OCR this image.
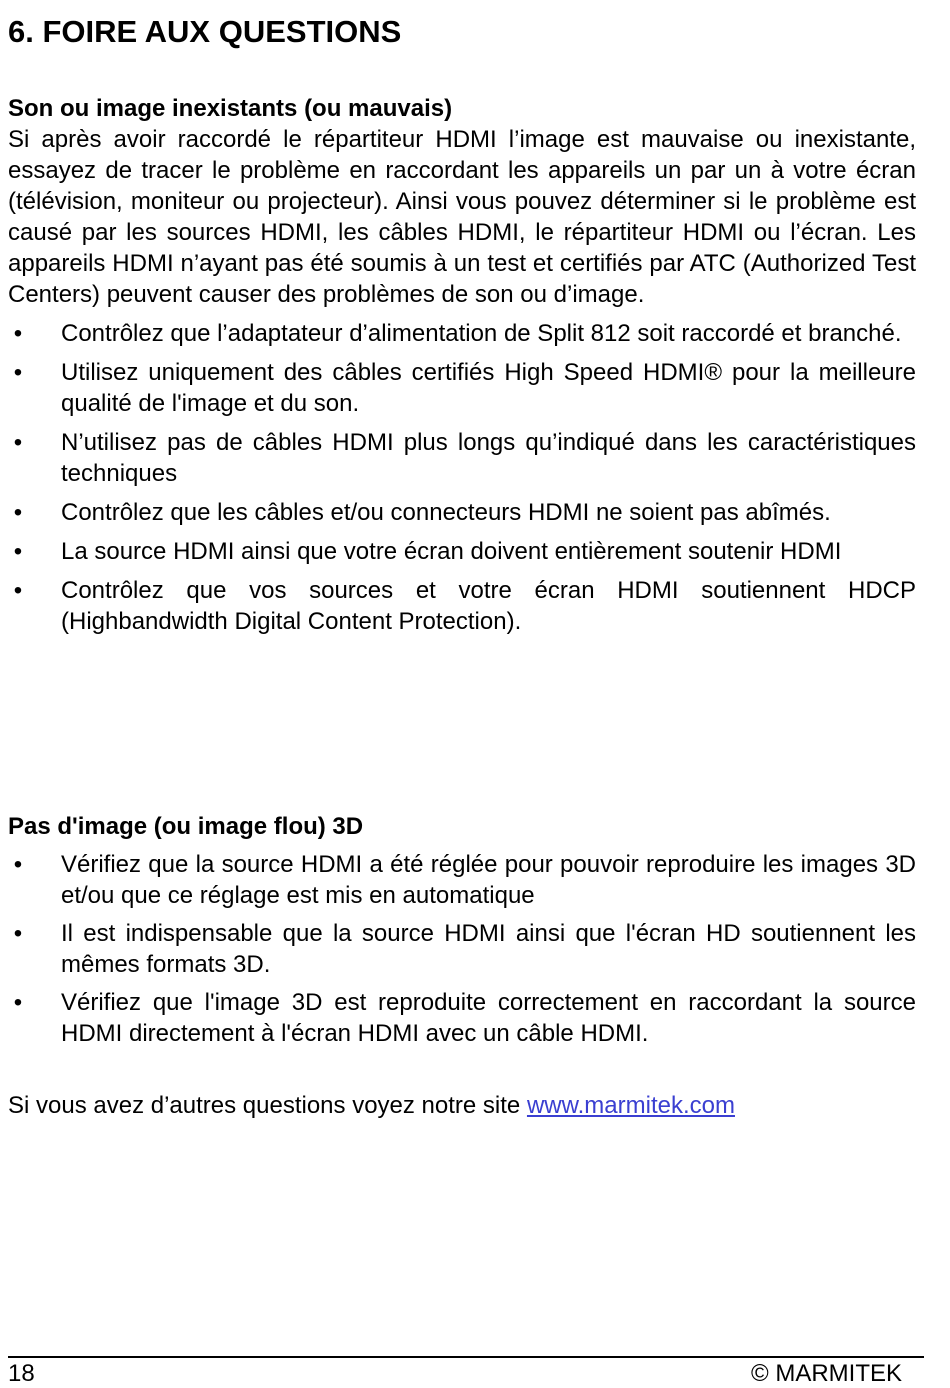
6. FOIRE AUX QUESTIONS
Son ou image inexistants (ou mauvais)

Si après avoir raccordé le répartiteur HDMI l’image est mauvaise ou inexistante, essayez de tracer le problème en raccordant les appareils un par un à votre écran (télévision, moniteur ou projecteur). Ainsi vous pouvez déterminer si le problème est causé par les sources HDMI, les câbles HDMI, le répartiteur HDMI ou l’écran. Les appareils HDMI n’ayant pas été soumis à un test et certifiés par ATC (Authorized Test Centers) peuvent causer des problèmes de son ou d’image.

• Contrôlez que l’adaptateur d’alimentation de Split 812 soit raccordé et branché.
• Utilisez uniquement des câbles certifiés High Speed HDMI® pour la meilleure qualité de l'image et du son.
• N’utilisez pas de câbles HDMI plus longs qu’indiqué dans les caractéristiques techniques
• Contrôlez que les câbles et/ou connecteurs HDMI ne soient pas abîmés.
• La source HDMI ainsi que votre écran doivent entièrement soutenir HDMI
• Contrôlez que vos sources et votre écran HDMI soutiennent HDCP (Highbandwidth Digital Content Protection).
Pas d'image (ou image flou) 3D
• Vérifiez que la source HDMI a été réglée pour pouvoir reproduire les images 3D et/ou que ce réglage est mis en automatique
• Il est indispensable que la source HDMI ainsi que l'écran HD soutiennent les mêmes formats 3D.
• Vérifiez que l'image 3D est reproduite correctement en raccordant la source HDMI directement à l'écran HDMI avec un câble HDMI.

Si vous avez d’autres questions voyez notre site www.marmitek.com

18	© MARMITEK
